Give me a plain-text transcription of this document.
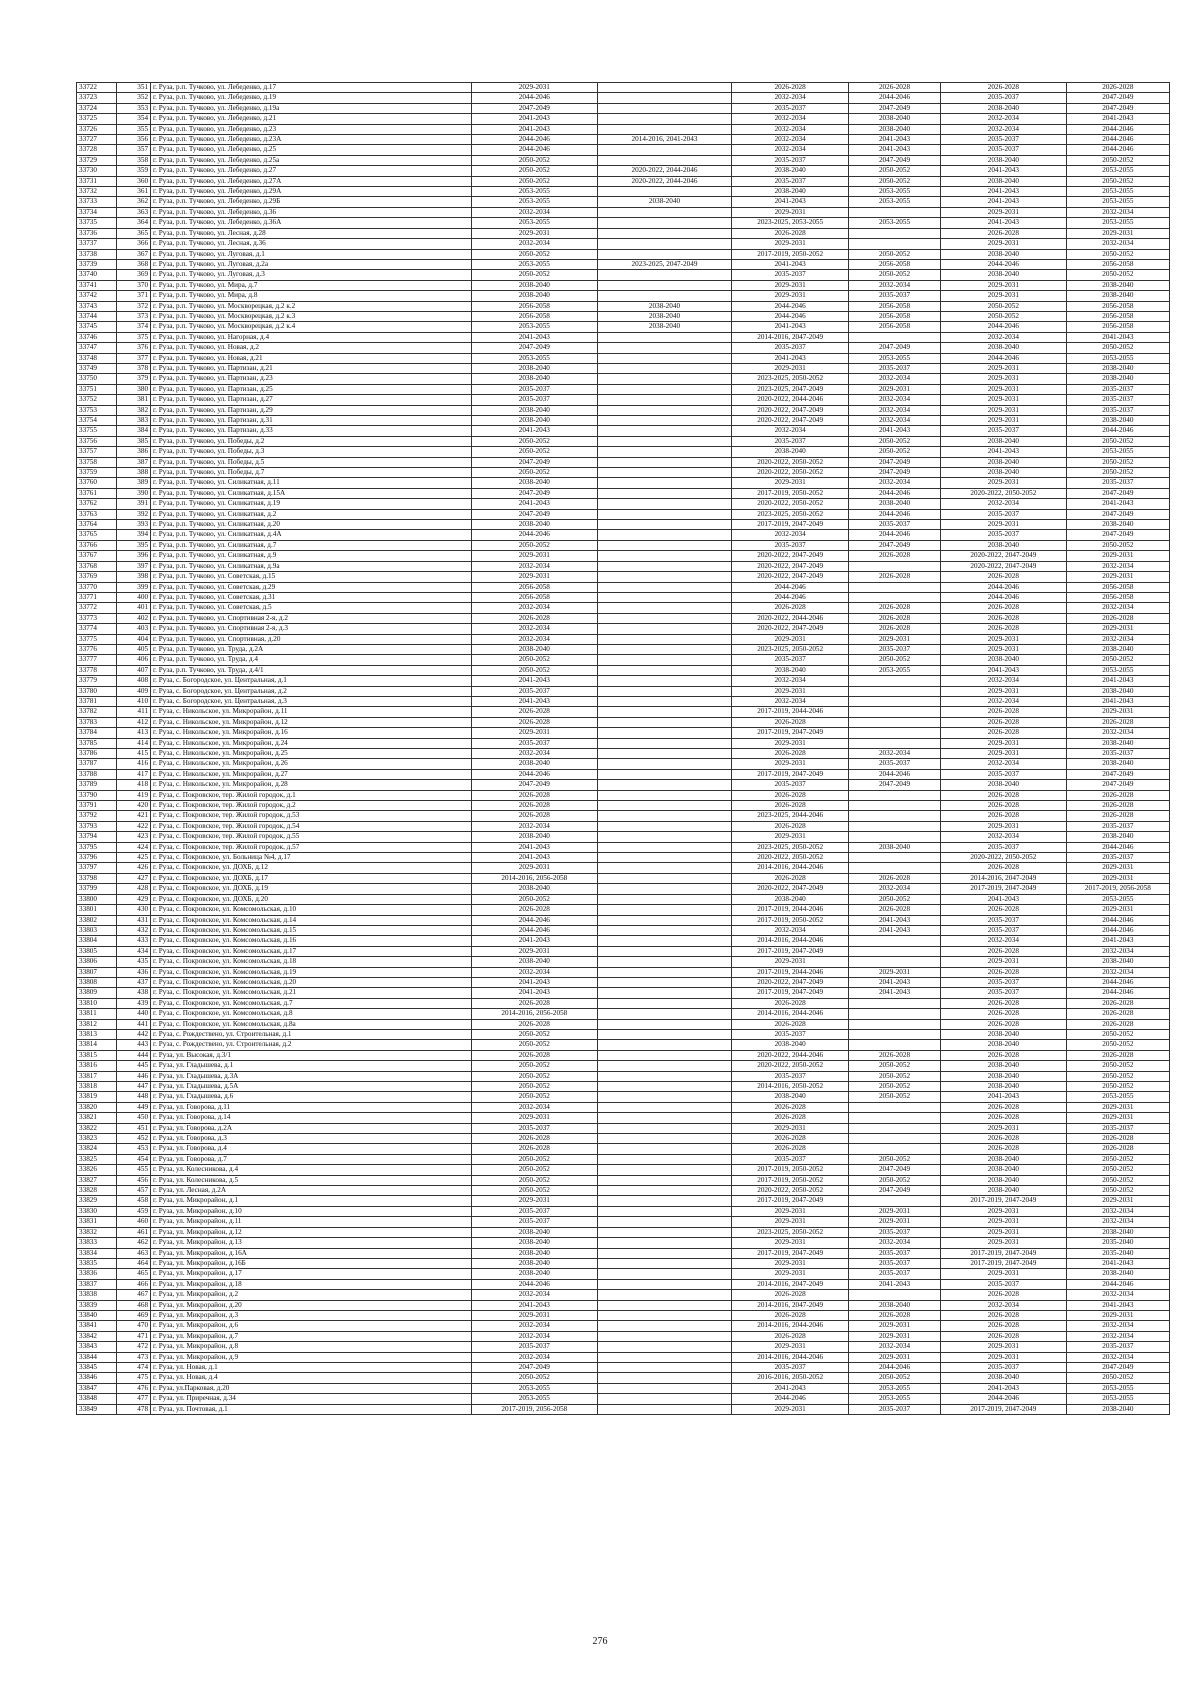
33722	351	г. Руза, р.п. Тучково, ул. Лебеденко, д.17	2029-2031		2026-2028	2026-2028	2026-2028	2026-2028
33723	352	г. Руза, р.п. Тучково, ул. Лебеденко, д.19	2044-2046		2032-2034	2044-2046	2035-2037	2047-2049
33724	353	г. Руза, р.п. Тучково, ул. Лебеденко, д.19а	2047-2049		2035-2037	2047-2049	2038-2040	2047-2049
33725	354	г. Руза, р.п. Тучково, ул. Лебеденко, д.21	2041-2043		2032-2034	2038-2040	2032-2034	2041-2043
33726	355	г. Руза, р.п. Тучково, ул. Лебеденко, д.23	2041-2043		2032-2034	2038-2040	2032-2034	2044-2046
33727	356	г. Руза, р.п. Тучково, ул. Лебеденко, д.23А	2044-2046	2014-2016, 2041-2043	2032-2034	2041-2043	2035-2037	2044-2046
33728	357	г. Руза, р.п. Тучково, ул. Лебеденко, д.25	2044-2046		2032-2034	2041-2043	2035-2037	2044-2046
33729	358	г. Руза, р.п. Тучково, ул. Лебеденко, д.25а	2050-2052		2035-2037	2047-2049	2038-2040	2050-2052
33730	359	г. Руза, р.п. Тучково, ул. Лебеденко, д.27	2050-2052	2020-2022, 2044-2046	2038-2040	2050-2052	2041-2043	2053-2055
33731	360	г. Руза, р.п. Тучково, ул. Лебеденко, д.27А	2050-2052	2020-2022, 2044-2046	2035-2037	2050-2052	2038-2040	2050-2052
33732	361	г. Руза, р.п. Тучково, ул. Лебеденко, д.29А	2053-2055		2038-2040	2053-2055	2041-2043	2053-2055
33733	362	г. Руза, р.п. Тучково, ул. Лебеденко, д.29Б	2053-2055	2038-2040	2041-2043	2053-2055	2041-2043	2053-2055
33734	363	г. Руза, р.п. Тучково, ул. Лебеденко, д.36	2032-2034		2029-2031		2029-2031	2032-2034
33735	364	г. Руза, р.п. Тучково, ул. Лебеденко, д.36А	2053-2055		2023-2025, 2053-2055	2053-2055	2041-2043	2053-2055
33736	365	г. Руза, р.п. Тучково, ул. Лесная, д.28	2029-2031		2026-2028		2026-2028	2029-2031
33737	366	г. Руза, р.п. Тучково, ул. Лесная, д.36	2032-2034		2029-2031		2029-2031	2032-2034
33738	367	г. Руза, р.п. Тучково, ул. Луговая, д.1	2050-2052		2017-2019, 2050-2052	2050-2052	2038-2040	2050-2052
33739	368	г. Руза, р.п. Тучково, ул. Луговая, д.2а	2053-2055	2023-2025, 2047-2049	2041-2043	2056-2058	2044-2046	2056-2058
33740	369	г. Руза, р.п. Тучково, ул. Луговая, д.3	2050-2052		2035-2037	2050-2052	2038-2040	2050-2052
33741	370	г. Руза, р.п. Тучково, ул. Мира, д.7	2038-2040		2029-2031	2032-2034	2029-2031	2038-2040
33742	371	г. Руза, р.п. Тучково, ул. Мира, д.8	2038-2040		2029-2031	2035-2037	2029-2031	2038-2040
33743	372	г. Руза, р.п. Тучково, ул. Москворецкая, д.2 к.2	2056-2058	2038-2040	2044-2046	2056-2058	2050-2052	2056-2058
33744	373	г. Руза, р.п. Тучково, ул. Москворецкая, д.2 к.3	2056-2058	2038-2040	2044-2046	2056-2058	2050-2052	2056-2058
33745	374	г. Руза, р.п. Тучково, ул. Москворецкая, д.2 к.4	2053-2055	2038-2040	2041-2043	2056-2058	2044-2046	2056-2058
33746	375	г. Руза, р.п. Тучково, ул. Нагорная, д.4	2041-2043		2014-2016, 2047-2049		2032-2034	2041-2043
33747	376	г. Руза, р.п. Тучково, ул. Новая, д.2	2047-2049		2035-2037	2047-2049	2038-2040	2050-2052
33748	377	г. Руза, р.п. Тучково, ул. Новая, д.21	2053-2055		2041-2043	2053-2055	2044-2046	2053-2055
33749	378	г. Руза, р.п. Тучково, ул. Партизан, д.21	2038-2040		2029-2031	2035-2037	2029-2031	2038-2040
33750	379	г. Руза, р.п. Тучково, ул. Партизан, д.23	2038-2040		2023-2025, 2050-2052	2032-2034	2029-2031	2038-2040
33751	380	г. Руза, р.п. Тучково, ул. Партизан, д.25	2035-2037		2023-2025, 2047-2049	2029-2031	2029-2031	2035-2037
33752	381	г. Руза, р.п. Тучково, ул. Партизан, д.27	2035-2037		2020-2022, 2044-2046	2032-2034	2029-2031	2035-2037
33753	382	г. Руза, р.п. Тучково, ул. Партизан, д.29	2038-2040		2020-2022, 2047-2049	2032-2034	2029-2031	2035-2037
33754	383	г. Руза, р.п. Тучково, ул. Партизан, д.31	2038-2040		2020-2022, 2047-2049	2032-2034	2029-2031	2038-2040
33755	384	г. Руза, р.п. Тучково, ул. Партизан, д.33	2041-2043		2032-2034	2041-2043	2035-2037	2044-2046
33756	385	г. Руза, р.п. Тучково, ул. Победы, д.2	2050-2052		2035-2037	2050-2052	2038-2040	2050-2052
33757	386	г. Руза, р.п. Тучково, ул. Победы, д.3	2050-2052		2038-2040	2050-2052	2041-2043	2053-2055
33758	387	г. Руза, р.п. Тучково, ул. Победы, д.5	2047-2049		2020-2022, 2050-2052	2047-2049	2038-2040	2050-2052
33759	388	г. Руза, р.п. Тучково, ул. Победы, д.7	2050-2052		2020-2022, 2050-2052	2047-2049	2038-2040	2050-2052
33760	389	г. Руза, р.п. Тучково, ул. Силикатная, д.11	2038-2040		2029-2031	2032-2034	2029-2031	2035-2037
33761	390	г. Руза, р.п. Тучково, ул. Силикатная, д.15А	2047-2049		2017-2019, 2050-2052	2044-2046	2020-2022, 2050-2052	2047-2049
33762	391	г. Руза, р.п. Тучково, ул. Силикатная, д.19	2041-2043		2020-2022, 2050-2052	2038-2040	2032-2034	2041-2043
33763	392	г. Руза, р.п. Тучково, ул. Силикатная, д.2	2047-2049		2023-2025, 2050-2052	2044-2046	2035-2037	2047-2049
33764	393	г. Руза, р.п. Тучково, ул. Силикатная, д.20	2038-2040		2017-2019, 2047-2049	2035-2037	2029-2031	2038-2040
33765	394	г. Руза, р.п. Тучково, ул. Силикатная, д.4А	2044-2046		2032-2034	2044-2046	2035-2037	2047-2049
33766	395	г. Руза, р.п. Тучково, ул. Силикатная, д.7	2050-2052		2035-2037	2047-2049	2038-2040	2050-2052
33767	396	г. Руза, р.п. Тучково, ул. Силикатная, д.9	2029-2031		2020-2022, 2047-2049	2026-2028	2020-2022, 2047-2049	2029-2031
33768	397	г. Руза, р.п. Тучково, ул. Силикатная, д.9а	2032-2034		2020-2022, 2047-2049		2020-2022, 2047-2049	2032-2034
33769	398	г. Руза, р.п. Тучково, ул. Советская, д.15	2029-2031		2020-2022, 2047-2049	2026-2028	2026-2028	2029-2031
33770	399	г. Руза, р.п. Тучково, ул. Советская, д.29	2056-2058		2044-2046		2044-2046	2056-2058
33771	400	г. Руза, р.п. Тучково, ул. Советская, д.31	2056-2058		2044-2046		2044-2046	2056-2058
33772	401	г. Руза, р.п. Тучково, ул. Советская, д.5	2032-2034		2026-2028	2026-2028	2026-2028	2032-2034
33773	402	г. Руза, р.п. Тучково, ул. Спортивная 2-я, д.2	2026-2028		2020-2022, 2044-2046	2026-2028	2026-2028	2026-2028
33774	403	г. Руза, р.п. Тучково, ул. Спортивная 2-я, д.3	2032-2034		2020-2022, 2047-2049	2026-2028	2026-2028	2029-2031
33775	404	г. Руза, р.п. Тучково, ул. Спортивная, д.20	2032-2034		2029-2031	2029-2031	2029-2031	2032-2034
33776	405	г. Руза, р.п. Тучково, ул. Труда, д.2А	2038-2040		2023-2025, 2050-2052	2035-2037	2029-2031	2038-2040
33777	406	г. Руза, р.п. Тучково, ул. Труда, д.4	2050-2052		2035-2037	2050-2052	2038-2040	2050-2052
33778	407	г. Руза, р.п. Тучково, ул. Труда, д.4/1	2050-2052		2038-2040	2053-2055	2041-2043	2053-2055
33779	408	г. Руза, с. Богородское, ул. Центральная, д.1	2041-2043		2032-2034		2032-2034	2041-2043
33780	409	г. Руза, с. Богородское, ул. Центральная, д.2	2035-2037		2029-2031		2029-2031	2038-2040
33781	410	г. Руза, с. Богородское, ул. Центральная, д.3	2041-2043		2032-2034		2032-2034	2041-2043
33782	411	г. Руза, с. Никольское, ул. Микрорайон, д.11	2026-2028		2017-2019, 2044-2046		2026-2028	2029-2031
33783	412	г. Руза, с. Никольское, ул. Микрорайон, д.12	2026-2028		2026-2028		2026-2028	2026-2028
33784	413	г. Руза, с. Никольское, ул. Микрорайон, д.16	2029-2031		2017-2019, 2047-2049		2026-2028	2032-2034
33785	414	г. Руза, с. Никольское, ул. Микрорайон, д.24	2035-2037		2029-2031		2029-2031	2038-2040
33786	415	г. Руза, с. Никольское, ул. Микрорайон, д.25	2032-2034		2026-2028	2032-2034	2029-2031	2035-2037
33787	416	г. Руза, с. Никольское, ул. Микрорайон, д.26	2038-2040		2029-2031	2035-2037	2032-2034	2038-2040
33788	417	г. Руза, с. Никольское, ул. Микрорайон, д.27	2044-2046		2017-2019, 2047-2049	2044-2046	2035-2037	2047-2049
33789	418	г. Руза, с. Никольское, ул. Микрорайон, д.28	2047-2049		2035-2037	2047-2049	2038-2040	2047-2049
33790	419	г. Руза, с. Покровское, тер. Жилой городок, д.1	2026-2028		2026-2028		2026-2028	2026-2028
33791	420	г. Руза, с. Покровское, тер. Жилой городок, д.2	2026-2028		2026-2028		2026-2028	2026-2028
33792	421	г. Руза, с. Покровское, тер. Жилой городок, д.53	2026-2028		2023-2025, 2044-2046		2026-2028	2026-2028
33793	422	г. Руза, с. Покровское, тер. Жилой городок, д.54	2032-2034		2026-2028		2029-2031	2035-2037
33794	423	г. Руза, с. Покровское, тер. Жилой городок, д.55	2038-2040		2029-2031		2032-2034	2038-2040
33795	424	г. Руза, с. Покровское, тер. Жилой городок, д.57	2041-2043		2023-2025, 2050-2052	2038-2040	2035-2037	2044-2046
33796	425	г. Руза, с. Покровское, ул. Больница №4, д.17	2041-2043		2020-2022, 2050-2052		2020-2022, 2050-2052	2035-2037
33797	426	г. Руза, с. Покровское, ул. ДОХБ, д.12	2029-2031		2014-2016, 2044-2046		2026-2028	2029-2031
33798	427	г. Руза, с. Покровское, ул. ДОХБ, д.17	2014-2016, 2056-2058		2026-2028	2026-2028	2014-2016, 2047-2049	2029-2031
33799	428	г. Руза, с. Покровское, ул. ДОХБ, д.19	2038-2040		2020-2022, 2047-2049	2032-2034	2017-2019, 2047-2049	2017-2019, 2056-2058
33800	429	г. Руза, с. Покровское, ул. ДОХБ, д.20	2050-2052		2038-2040	2050-2052	2041-2043	2053-2055
33801	430	г. Руза, с. Покровское, ул. Комсомольская, д.10	2026-2028		2017-2019, 2044-2046	2026-2028	2026-2028	2029-2031
33802	431	г. Руза, с. Покровское, ул. Комсомольская, д.14	2044-2046		2017-2019, 2050-2052	2041-2043	2035-2037	2044-2046
33803	432	г. Руза, с. Покровское, ул. Комсомольская, д.15	2044-2046		2032-2034	2041-2043	2035-2037	2044-2046
33804	433	г. Руза, с. Покровское, ул. Комсомольская, д.16	2041-2043		2014-2016, 2044-2046		2032-2034	2041-2043
33805	434	г. Руза, с. Покровское, ул. Комсомольская, д.17	2029-2031		2017-2019, 2047-2049		2026-2028	2032-2034
33806	435	г. Руза, с. Покровское, ул. Комсомольская, д.18	2038-2040		2029-2031		2029-2031	2038-2040
33807	436	г. Руза, с. Покровское, ул. Комсомольская, д.19	2032-2034		2017-2019, 2044-2046	2029-2031	2026-2028	2032-2034
33808	437	г. Руза, с. Покровское, ул. Комсомольская, д.20	2041-2043		2020-2022, 2047-2049	2041-2043	2035-2037	2044-2046
33809	438	г. Руза, с. Покровское, ул. Комсомольская, д.21	2041-2043		2017-2019, 2047-2049	2041-2043	2035-2037	2044-2046
33810	439	г. Руза, с. Покровское, ул. Комсомольская, д.7	2026-2028		2026-2028		2026-2028	2026-2028
33811	440	г. Руза, с. Покровское, ул. Комсомольская, д.8	2014-2016, 2056-2058		2014-2016, 2044-2046		2026-2028	2026-2028
33812	441	г. Руза, с. Покровское, ул. Комсомольская, д.8а	2026-2028		2026-2028		2026-2028	2026-2028
33813	442	г. Руза, с. Рождествено, ул. Строительная, д.1	2050-2052		2035-2037		2038-2040	2050-2052
33814	443	г. Руза, с. Рождествено, ул. Строительная, д.2	2050-2052		2038-2040		2038-2040	2050-2052
33815	444	г. Руза, ул. Высокая, д.3/1	2026-2028		2020-2022, 2044-2046	2026-2028	2026-2028	2026-2028
33816	445	г. Руза, ул. Гладышева, д.1	2050-2052		2020-2022, 2050-2052	2050-2052	2038-2040	2050-2052
33817	446	г. Руза, ул. Гладышева, д.3А	2050-2052		2035-2037	2050-2052	2038-2040	2050-2052
33818	447	г. Руза, ул. Гладышева, д.5А	2050-2052		2014-2016, 2050-2052	2050-2052	2038-2040	2050-2052
33819	448	г. Руза, ул. Гладышева, д.6	2050-2052		2038-2040	2050-2052	2041-2043	2053-2055
33820	449	г. Руза, ул. Говорова, д.11	2032-2034		2026-2028		2026-2028	2029-2031
33821	450	г. Руза, ул. Говорова, д.14	2029-2031		2026-2028		2026-2028	2029-2031
33822	451	г. Руза, ул. Говорова, д.2А	2035-2037		2029-2031		2029-2031	2035-2037
33823	452	г. Руза, ул. Говорова, д.3	2026-2028		2026-2028		2026-2028	2026-2028
33824	453	г. Руза, ул. Говорова, д.4	2026-2028		2026-2028		2026-2028	2026-2028
33825	454	г. Руза, ул. Говорова, д.7	2050-2052		2035-2037	2050-2052	2038-2040	2050-2052
33826	455	г. Руза, ул. Колесникова, д.4	2050-2052		2017-2019, 2050-2052	2047-2049	2038-2040	2050-2052
33827	456	г. Руза, ул. Колесникова, д.5	2050-2052		2017-2019, 2050-2052	2050-2052	2038-2040	2050-2052
33828	457	г. Руза, ул. Лесная, д.2А	2050-2052		2020-2022, 2050-2052	2047-2049	2038-2040	2050-2052
33829	458	г. Руза, ул. Микрорайон, д.1	2029-2031		2017-2019, 2047-2049		2017-2019, 2047-2049	2029-2031
33830	459	г. Руза, ул. Микрорайон, д.10	2035-2037		2029-2031	2029-2031	2029-2031	2032-2034
33831	460	г. Руза, ул. Микрорайон, д.11	2035-2037		2029-2031	2029-2031	2029-2031	2032-2034
33832	461	г. Руза, ул. Микрорайон, д.12	2038-2040		2023-2025, 2050-2052	2035-2037	2029-2031	2038-2040
33833	462	г. Руза, ул. Микрорайон, д.13	2038-2040		2029-2031	2032-2034	2029-2031	2035-2040
33834	463	г. Руза, ул. Микрорайон, д.16А	2038-2040		2017-2019, 2047-2049	2035-2037	2017-2019, 2047-2049	2035-2040
33835	464	г. Руза, ул. Микрорайон, д.16Б	2038-2040		2029-2031	2035-2037	2017-2019, 2047-2049	2041-2043
33836	465	г. Руза, ул. Микрорайон, д.17	2038-2040		2029-2031	2035-2037	2029-2031	2038-2040
33837	466	г. Руза, ул. Микрорайон, д.18	2044-2046		2014-2016, 2047-2049	2041-2043	2035-2037	2044-2046
33838	467	г. Руза, ул. Микрорайон, д.2	2032-2034		2026-2028		2026-2028	2032-2034
33839	468	г. Руза, ул. Микрорайон, д.20	2041-2043		2014-2016, 2047-2049	2038-2040	2032-2034	2041-2043
33840	469	г. Руза, ул. Микрорайон, д.3	2029-2031		2026-2028	2026-2028	2026-2028	2029-2031
33841	470	г. Руза, ул. Микрорайон, д.6	2032-2034		2014-2016, 2044-2046	2029-2031	2026-2028	2032-2034
33842	471	г. Руза, ул. Микрорайон, д.7	2032-2034		2026-2028	2029-2031	2026-2028	2032-2034
33843	472	г. Руза, ул. Микрорайон, д.8	2035-2037		2029-2031	2032-2034	2029-2031	2035-2037
33844	473	г. Руза, ул. Микрорайон, д.9	2032-2034		2014-2016, 2044-2046	2029-2031	2029-2031	2032-2034
33845	474	г. Руза, ул. Новая, д.1	2047-2049		2035-2037	2044-2046	2035-2037	2047-2049
33846	475	г. Руза, ул. Новая, д.4	2050-2052		2016-2016, 2050-2052	2050-2052	2038-2040	2050-2052
33847	476	г. Руза, ул.Парковая, д.20	2053-2055		2041-2043	2053-2055	2041-2043	2053-2055
33848	477	г. Руза, ул. Приречная, д.34	2053-2055		2044-2046	2053-2055	2044-2046	2053-2055
33849	478	г. Руза, ул. Почтовая, д.1	2017-2019, 2056-2058		2029-2031	2035-2037	2017-2019, 2047-2049	2038-2040
276
